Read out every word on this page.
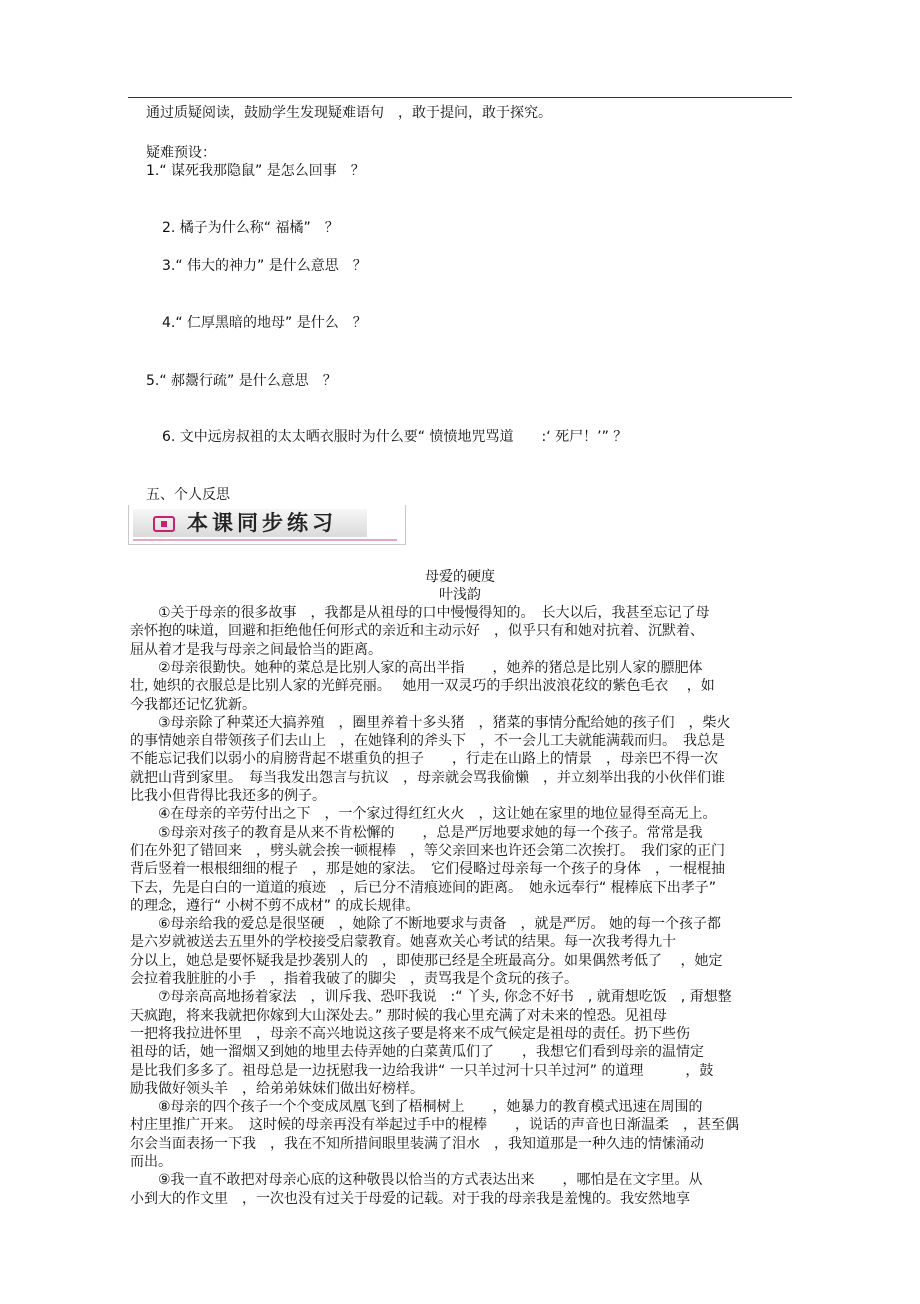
通过质疑阅读，鼓励学生发现疑难语句　，敢于提问，敢于探究。
疑难预设：
1.“ 谋死我那隐鼠” 是怎么回事　？
2. 橘子为什么称“ 福橘”　？
3.“ 伟大的神力” 是什么意思　？
4.“ 仁厚黑暗的地母” 是什么　？
5.“ 郝鬶行疏” 是什么意思　？
6. 文中远房叔祖的太太晒衣服时为什么要“ 愤愤地咒骂道　　:‘ 死尸！’” ？
五、个人反思
本课同步练习
母爱的硬度
叶浅韵
　　①关于母亲的很多故事　，我都是从祖母的口中慢慢得知的。　长大以后，我甚至忘记了母
亲怀抱的味道，回避和拒绝他任何形式的亲近和主动示好　，似乎只有和她对抗着、沉默着、
屈从着才是我与母亲之间最恰当的距离。
　　②母亲很勤快。她种的菜总是比别人家的高出半指　　，她养的猪总是比别人家的膘肥体
壮, 她织的衣服总是比别人家的光鲜亮丽。　 她用一双灵巧的手织出波浪花纹的紫色毛衣　 ，如
今我都还记忆犹新。
　　③母亲除了种菜还大搞养殖　，圈里养着十多头猪　，猪菜的事情分配给她的孩子们　，柴火
的事情她亲自带领孩子们去山上　，在她锋利的斧头下　，不一会儿工夫就能满载而归。　我总是
不能忘记我们以弱小的肩膀背起不堪重负的担子　　，行走在山路上的情景　，母亲巴不得一次
就把山背到家里。　每当我发出怨言与抗议　，母亲就会骂我偷懒　，并立刻举出我的小伙伴们谁
比我小但背得比我还多的例子。
　　④在母亲的辛劳付出之下　，一个家过得红红火火　，这让她在家里的地位显得至高无上。
　　⑤母亲对孩子的教育是从来不肯松懈的　　，总是严厉地要求她的每一个孩子。常常是我
们在外犯了错回来　，劈头就会挨一顿棍棒　，等父亲回来也许还会第二次挨打。　我们家的正门
背后竖着一根根细细的棍子　，那是她的家法。　它们侵略过母亲每一个孩子的身体　，一棍棍抽
下去，先是白白的一道道的痕迹　，后已分不清痕迹间的距离。　她永远奉行“ 棍棒底下出孝子”
的理念，遵行“ 小树不剪不成材” 的成长规律。
　　⑥母亲给我的爱总是很坚硬　，她除了不断地要求与责备　，就是严厉。 她的每一个孩子都
是六岁就被送去五里外的学校接受启蒙教育。她喜欢关心考试的结果。每一次我考得九十
分以上，她总是要怀疑我是抄袭别人的　，即使那已经是全班最高分。如果偶然考低了　 ，她定
会拉着我脏脏的小手　，指着我破了的脚尖　，责骂我是个贪玩的孩子。
　　⑦母亲高高地扬着家法　，训斥我、恐吓我说　:“ 丫头, 你念不好书　, 就甭想吃饭　, 甭想整
天疯跑，将来我就把你嫁到大山深处去。” 那时候的我心里充满了对未来的惶恐。见祖母
一把将我拉进怀里　，母亲不高兴地说这孩子要是将来不成气候定是祖母的责任。扔下些伤
祖母的话，她一溜烟又到她的地里去侍弄她的白菜黄瓜们了　　，我想它们看到母亲的温情定
是比我们多多了。祖母总是一边抚慰我一边给我讲“ 一只羊过河十只羊过河” 的道理　　　，鼓
励我做好领头羊　，给弟弟妹妹们做出好榜样。
　　⑧母亲的四个孩子一个个变成凤凰飞到了梧桐树上　　，她暴力的教育模式迅速在周围的
村庄里推广开来。　这时候的母亲再没有举起过手中的棍棒　　，说话的声音也日渐温柔　，甚至偶
尔会当面表扬一下我　，我在不知所措间眼里装满了泪水　，我知道那是一种久违的情愫涌动
而出。
　　⑨我一直不敢把对母亲心底的这种敬畏以恰当的方式表达出来　　，哪怕是在文字里。从
小到大的作文里　，一次也没有过关于母爱的记载。对于我的母亲我是羞愧的。我安然地享
